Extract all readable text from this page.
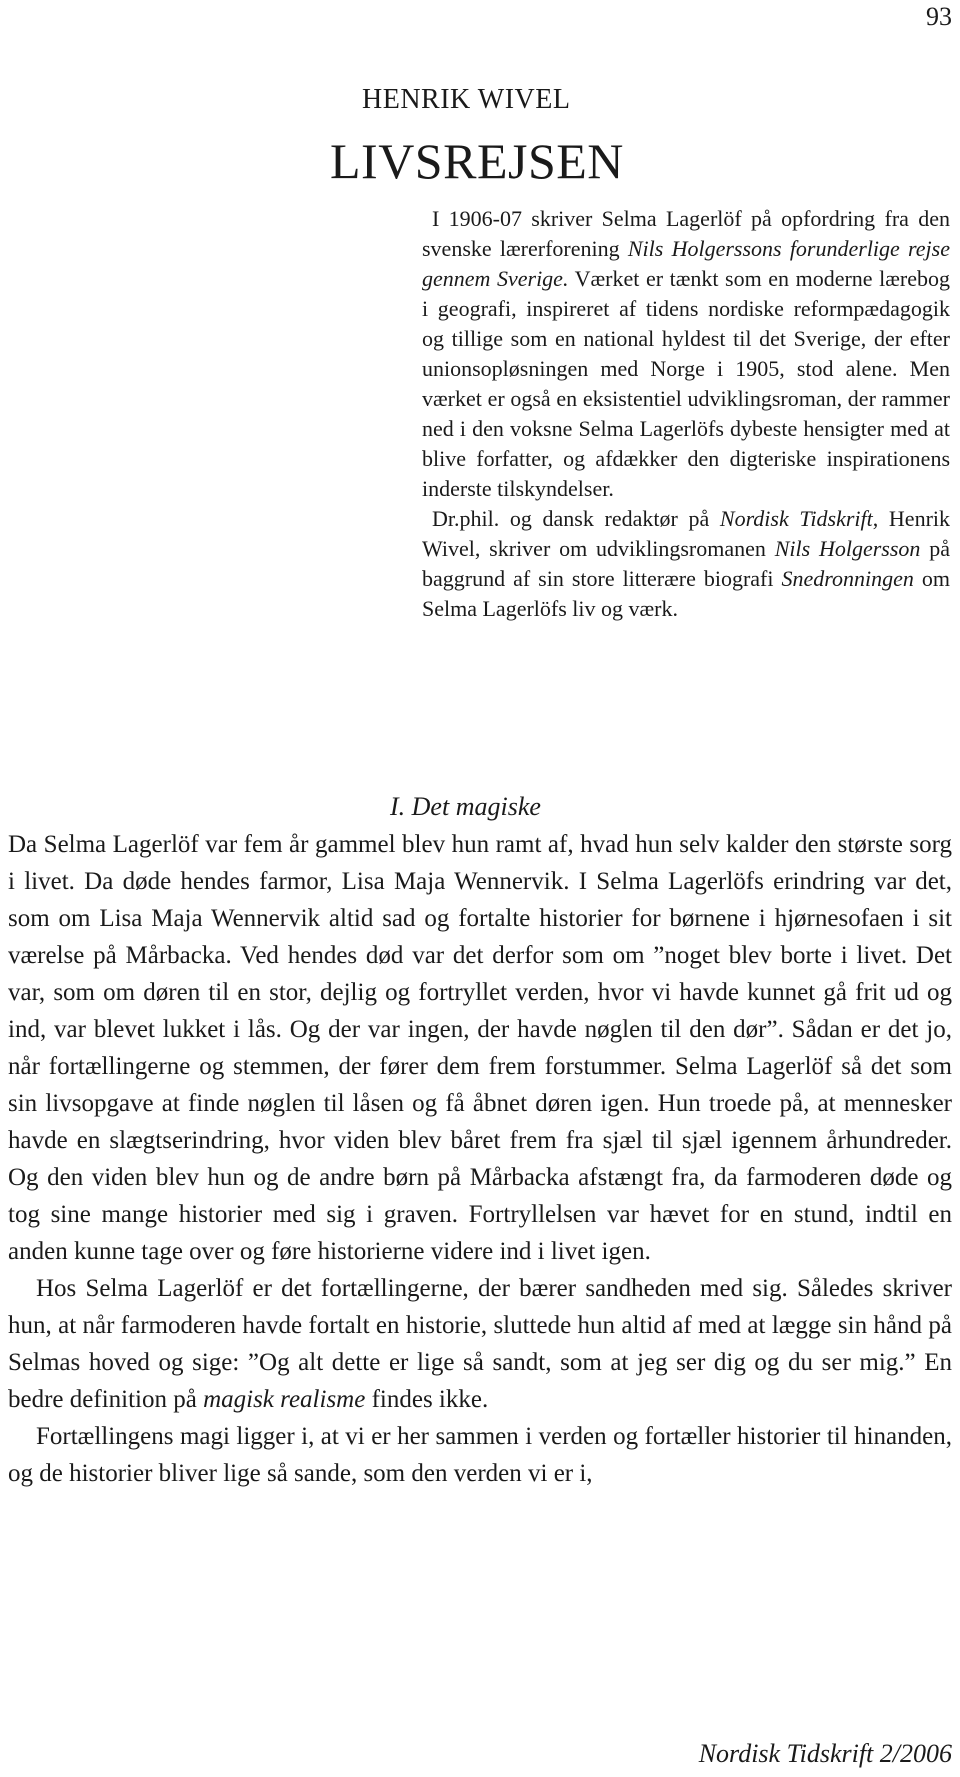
93
HENRIK WIVEL
LIVSREJSEN

I 1906-07 skriver Selma Lagerlöf på opfordring fra den svenske lærerforening Nils Holgerssons forunderlige rejse gennem Sverige. Værket er tænkt som en moderne lærebog i geografi, inspireret af tidens nordiske reformpædagogik og tillige som en national hyldest til det Sverige, der efter unionsopløsningen med Norge i 1905, stod alene. Men værket er også en eksistentiel udviklingsroman, der rammer ned i den voksne Selma Lagerlöfs dybeste hensigter med at blive forfatter, og afdækker den digteriske inspirationens inderste tilskyndelser.

Dr.phil. og dansk redaktør på Nordisk Tidskrift, Henrik Wivel, skriver om udviklingsromanen Nils Holgersson på baggrund af sin store litterære biografi Snedronningen om Selma Lagerlöfs liv og værk.

I. Det magiske

Da Selma Lagerlöf var fem år gammel blev hun ramt af, hvad hun selv kalder den største sorg i livet. Da døde hendes farmor, Lisa Maja Wennervik. I Selma Lagerlöfs erindring var det, som om Lisa Maja Wennervik altid sad og fortalte historier for børnene i hjørnesofaen i sit værelse på Mårbacka. Ved hendes død var det derfor som om ”noget blev borte i livet. Det var, som om døren til en stor, dejlig og fortryllet verden, hvor vi havde kunnet gå frit ud og ind, var blevet lukket i lås. Og der var ingen, der havde nøglen til den dør”. Sådan er det jo, når fortællingerne og stemmen, der fører dem frem forstummer. Selma Lagerlöf så det som sin livsopgave at finde nøglen til låsen og få åbnet døren igen. Hun troede på, at mennesker havde en slægtserindring, hvor viden blev båret frem fra sjæl til sjæl igennem århundreder. Og den viden blev hun og de andre børn på Mårbacka afstængt fra, da farmoderen døde og tog sine mange historier med sig i graven. Fortryllelsen var hævet for en stund, indtil en anden kunne tage over og føre historierne videre ind i livet igen.

Hos Selma Lagerlöf er det fortællingerne, der bærer sandheden med sig. Således skriver hun, at når farmoderen havde fortalt en historie, sluttede hun altid af med at lægge sin hånd på Selmas hoved og sige: ”Og alt dette er lige så sandt, som at jeg ser dig og du ser mig.” En bedre definition på magisk realisme findes ikke.

Fortællingens magi ligger i, at vi er her sammen i verden og fortæller historier til hinanden, og de historier bliver lige så sande, som den verden vi er i,

Nordisk Tidskrift 2/2006
